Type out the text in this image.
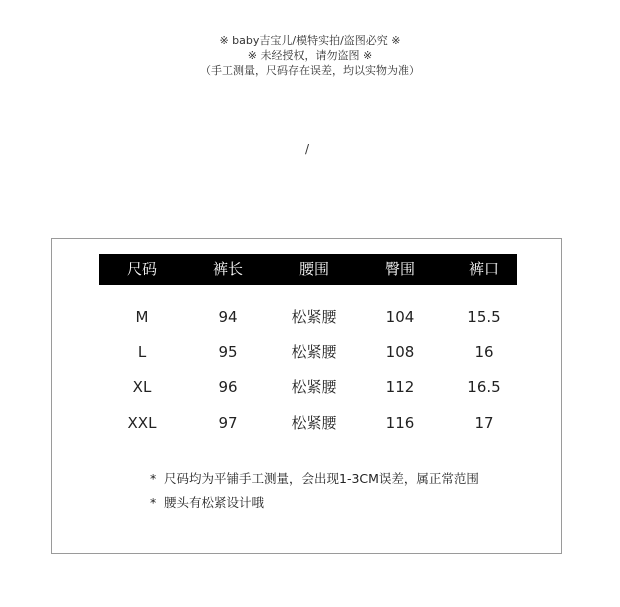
※ baby吉宝儿/模特实拍/盗图必究 ※
※ 未经授权，请勿盗图 ※
（手工测量，尺码存在误差，均以实物为准）
/
尺码	裤长	腰围	臀围	裤口
M	94	松紧腰	104	15.5
L	95	松紧腰	108	16
XL	96	松紧腰	112	16.5
XXL	97	松紧腰	116	17
* 尺码均为平铺手工测量，会出现1-3CM误差，属正常范围
* 腰头有松紧设计哦
